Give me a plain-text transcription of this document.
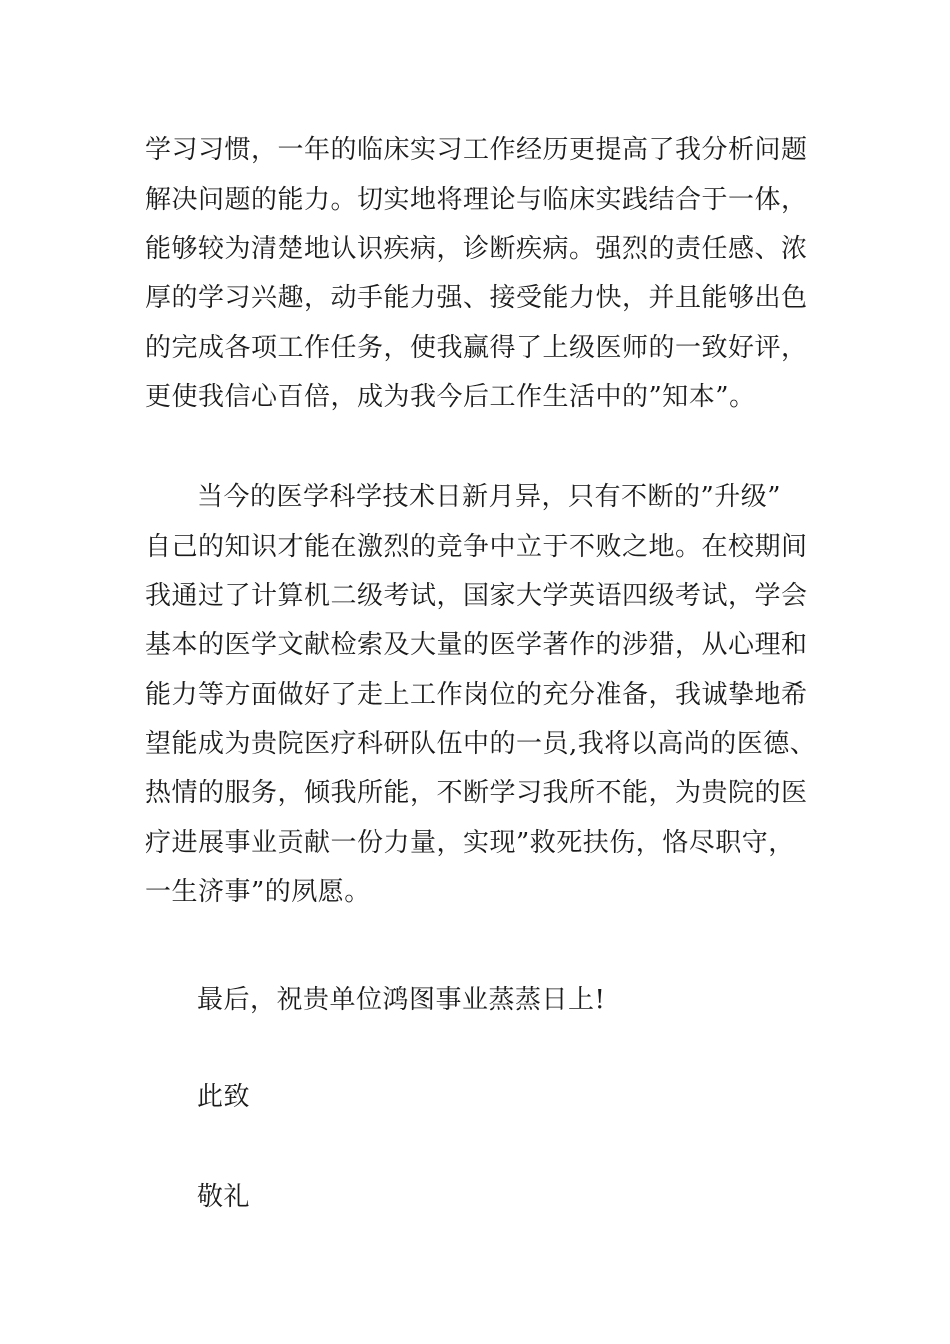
学习习惯，一年的临床实习工作经历更提高了我分析问题
解决问题的能力。切实地将理论与临床实践结合于一体，
能够较为清楚地认识疾病，诊断疾病。强烈的责任感、浓
厚的学习兴趣，动手能力强、接受能力快，并且能够出色
的完成各项工作任务，使我赢得了上级医师的一致好评，
更使我信心百倍，成为我今后工作生活中的”知本”。
当今的医学科学技术日新月异，只有不断的”升级”
自己的知识才能在激烈的竞争中立于不败之地。在校期间
我通过了计算机二级考试，国家大学英语四级考试，学会
基本的医学文献检索及大量的医学著作的涉猎，从心理和
能力等方面做好了走上工作岗位的充分准备，我诚挚地希
望能成为贵院医疗科研队伍中的一员,我将以高尚的医德、
热情的服务，倾我所能，不断学习我所不能，为贵院的医
疗进展事业贡献一份力量，实现”救死扶伤，恪尽职守，
一生济事”的夙愿。
最后，祝贵单位鸿图事业蒸蒸日上!
此致
敬礼
